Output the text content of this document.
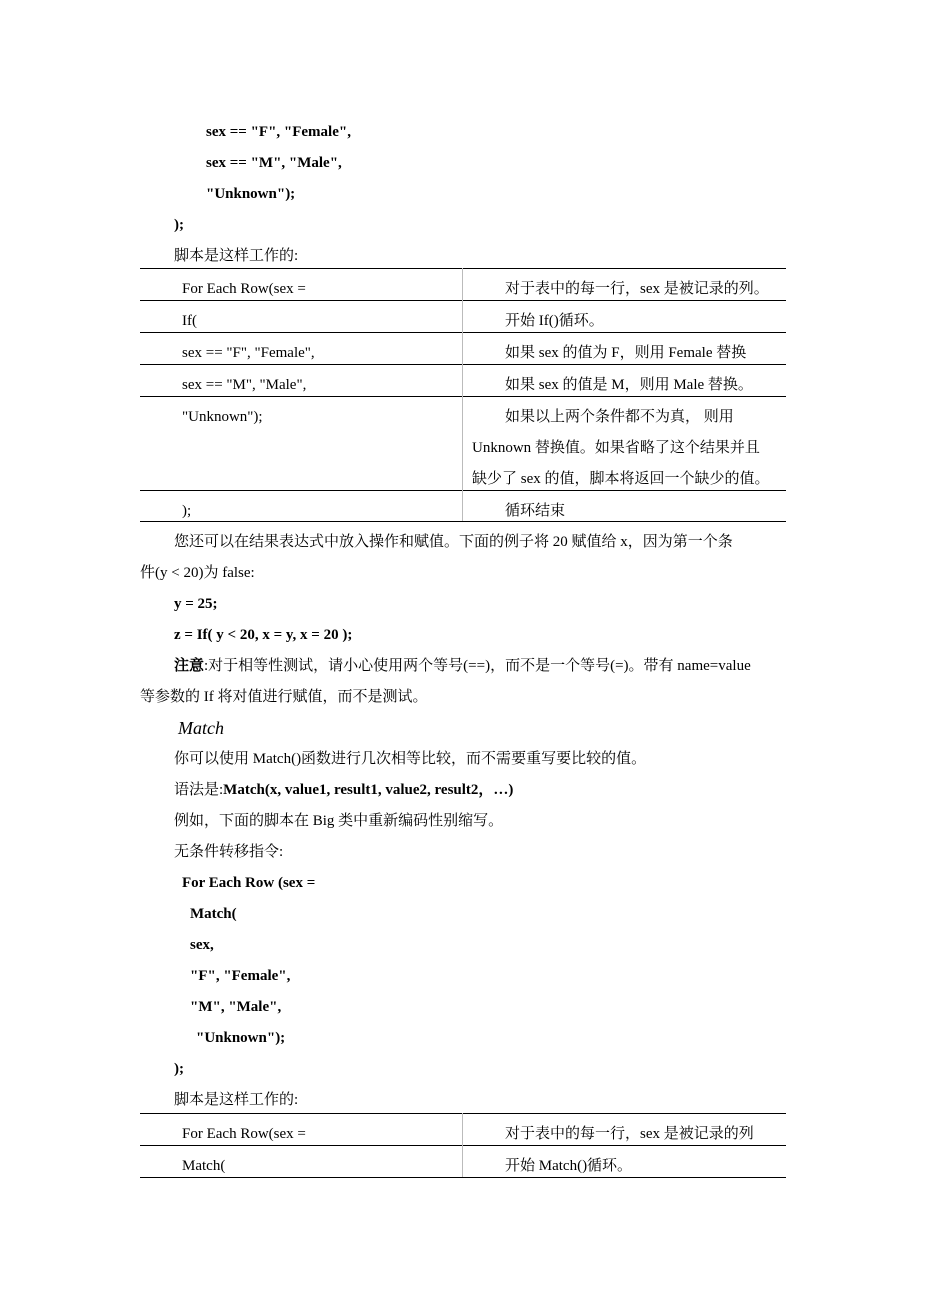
sex == "F", "Female",
sex == "M", "Male",
"Unknown");
);
脚本是这样工作的:
For Each Row(sex =	对于表中的每一行，sex 是被记录的列。
If(	开始 If()循环。
sex == "F", "Female",	如果 sex 的值为 F，则用 Female 替换
sex == "M", "Male",	如果 sex 的值是 M，则用 Male 替换。
"Unknown");	如果以上两个条件都不为真， 则用
Unknown 替换值。如果省略了这个结果并且
缺少了 sex 的值，脚本将返回一个缺少的值。
);	循环结束
您还可以在结果表达式中放入操作和赋值。下面的例子将 20 赋值给 x，因为第一个条
件(y < 20)为 false:
y = 25;
z = If( y < 20, x = y, x = 20 );
注意:对于相等性测试，请小心使用两个等号(==)，而不是一个等号(=)。带有 name=value
等参数的 If 将对值进行赋值，而不是测试。
Match
你可以使用 Match()函数进行几次相等比较，而不需要重写要比较的值。
语法是:Match(x, value1, result1, value2, result2，…)
例如，下面的脚本在 Big 类中重新编码性别缩写。
无条件转移指令:
For Each Row (sex =
Match(
sex,
"F", "Female",
"M", "Male",
"Unknown");
);
脚本是这样工作的:
For Each Row(sex =	对于表中的每一行，sex 是被记录的列
Match(	开始 Match()循环。
